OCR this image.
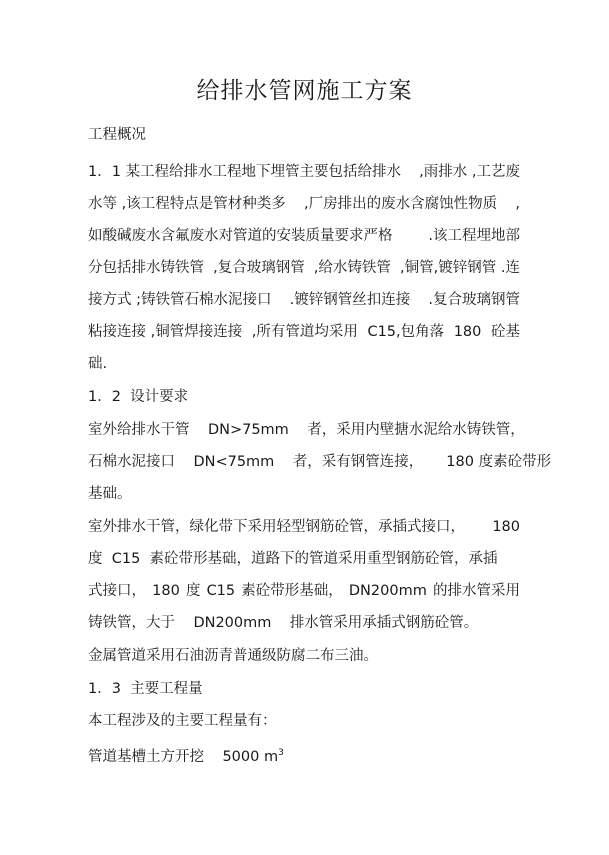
给排水管网施工方案
工程概况
1．1 某工程给排水工程地下埋管主要包括给排水 ,雨排水 ,工艺废
水等 ,该工程特点是管材种类多 ,厂房排出的废水含腐蚀性物质 ,
如酸碱废水含氟废水对管道的安装质量要求严格 .该工程埋地部
分包括排水铸铁管 ,复合玻璃钢管 ,给水铸铁管 ,铜管,镀锌钢管 .连
接方式 ;铸铁管石棉水泥接口 .镀锌钢管丝扣连接 .复合玻璃钢管
粘接连接 ,铜管焊接连接 ,所有管道均采用 C15,包角落 180 砼基
础.
1．2  设计要求
室外给排水干管 DN>75mm 者，采用内壁搪水泥给水铸铁管，
石棉水泥接口 DN<75mm 者，采有钢管连接， 180 度素砼带形
基础。
室外排水干管，绿化带下采用轻型钢筋砼管，承插式接口， 180
度 C15 素砼带形基础，道路下的管道采用重型钢筋砼管，承插
式接口， 180 度 C15 素砼带形基础， DN200mm 的排水管采用
铸铁管，大于 DN200mm 排水管采用承插式钢筋砼管。
金属管道采用石油沥青普通级防腐二布三油。
1．3  主要工程量
本工程涉及的主要工程量有：
管道基槽土方开挖 5000 $m^3$
